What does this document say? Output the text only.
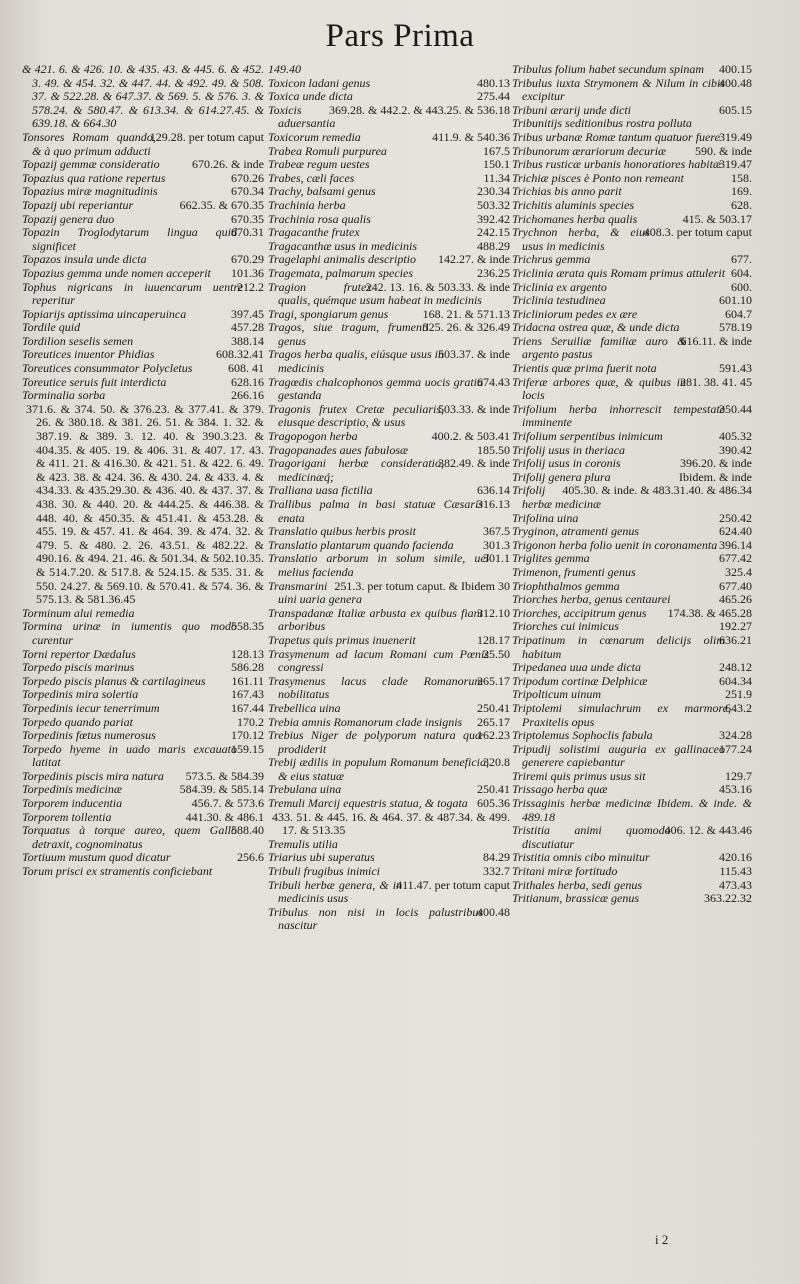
Pars Prima

& 421. 6. & 426. 10. & 435. 43. & 445. 6. & 452. 3. 49. & 454. 32. & 447. 44. & 492. 49. & 508. 37. & 522.28. & 647.37. & 569. 5. & 576. 3. & 578.24. & 580.47. & 613.34. & 614.27.45. & 639.18. & 664.30

129.28. per totum caput
Tonsores Romam quando, & à quo primum adducti

670.26. & inde
Topazij gemmæ consideratio

670.26
Topazius qua ratione repertus

670.34
Topazius miræ magnitudinis

662.35. & 670.35
Topazij ubi reperiantur

670.35
Topazij genera duo

670.31
Topazin Troglodytarum lingua quid significet

670.29
Topazos insula unde dicta

101.36
Topazius gemma unde nomen acceperit

212.2
Tophus nigricans in iuuencarum uentre reperitur

397.45
Topiarijs aptissima uincaperuinca

457.28
Tordile quid

388.14
Tordilion seselis semen

608.32.41
Toreutices inuentor Phidias

608. 41
Toreutices consummator Polycletus

628.16
Toreutice seruis fuit interdicta

266.16
Torminalia sorba

371.6. & 374. 50. & 376.23. & 377.41. & 379. 26. & 380.18. & 381. 26. 51. & 384. 1. 32. & 387.19. & 389. 3. 12. 40. & 390.3.23. & 404.35. & 405. 19. & 406. 31. & 407. 17. 43. & 411. 21. & 416.30. & 421. 51. & 422. 6. 49. & 423. 38. & 424. 36. & 430. 24. & 433. 4. & 434.33. & 435.29.30. & 436. 40. & 437. 37. & 438. 30. & 440. 20. & 444.25. & 446.38. & 448. 40. & 450.35. & 451.41. & 453.28. & 455. 19. & 457. 41. & 464. 39. & 474. 32. & 479. 5. & 480. 2. 26. 43.51. & 482.22. & 490.16. & 494. 21. 46. & 501.34. & 502.10.35. & 514.7.20. & 517.8. & 524.15. & 535. 31. & 550. 24.27. & 569.10. & 570.41. & 574. 36. & 575.13. & 581.36.45
Torminum alui remedia

558.35
Tormina urinæ in iumentis quo modo curentur

128.13
Torni repertor Dædalus

586.28
Torpedo piscis marinus

161.11
Torpedo piscis planus & cartilagineus

167.43
Torpedinis mira solertia

167.44
Torpedinis iecur tenerrimum

170.2
Torpedo quando pariat

170.12
Torpedinis fœtus numerosus

159.15
Torpedo hyeme in uado maris excauato latitat

573.5. & 584.39
Torpedinis piscis mira natura

584.39. & 585.14
Torpedinis medicinæ

456.7. & 573.6
Torporem inducentia

441.30. & 486.1
Torporem tollentia

588.40
Torquatus à torque aureo, quem Gallo detraxit, cognominatus

256.6
Tortiuum mustum quod dicatur

Torum prisci ex stramentis conficiebant

149.40

480.13
Toxicon ladani genus

275.44
Toxica unde dicta

369.28. & 442.2. & 443.25. & 536.18
Toxicis aduersantia

411.9. & 540.36
Toxicorum remedia

167.5
Trabea Romuli purpurea

150.1
Trabeæ regum uestes

11.34
Trabes, cæli faces

230.34
Trachy, balsami genus

503.32
Trachinia herba

392.42
Trachinia rosa qualis

242.15
Tragacanthe frutex

488.29
Tragacanthæ usus in medicinis

142.27. & inde
Tragelaphi animalis descriptio

236.25
Tragemata, palmarum species

242. 13. 16. & 503.33. & inde
Tragion frutex qualis, quémque usum habeat in medicinis

168. 21. & 571.13
Tragi, spongiarum genus

325. 26. & 326.49
Tragos, siue tragum, frumenti genus

503.37. & inde
Tragos herba qualis, eiúsque usus in medicinis

674.43
Tragœdis chalcophonos gemma uocis gratia gestanda

503.33. & inde
Tragonis frutex Cretæ peculiaris, eiusque descriptio, & usus

400.2. & 503.41
Tragopogon herba

185.50
Tragopanades aues fabulosæ

382.49. & inde
Tragorigani herbæ consideratio, medicinæq́;

636.14
Tralliana uasa fictilia

316.13
Trallibus palma in basi statuæ Cæsaris enata

367.5
Translatio quibus herbis prosit

301.3
Translatio plantarum quando facienda

301.1
Translatio arborum in solum simile, uel melius facienda

251.3. per totum caput. & Ibidem 30
Transmarini uini uaria genera

312.10
Transpadanæ Italiæ arbusta ex quibus fiant arboribus

128.17
Trapetus quis primus inuenerit

25.50
Trasymenum ad lacum Romani cum Pœnis congressi

265.17
Trasymenus lacus clade Romanorum nobilitatus

250.41
Trebellica uina

265.17
Trebia amnis Romanorum clade insignis

162.23
Trebius Niger de polyporum natura quæ prodiderit

320.8
Trebij ædilis in populum Romanum beneficia, & eius statuæ

250.41
Trebulana uina

605.36
Tremuli Marcij equestris statua, & togata

433. 51. & 445. 16. & 464. 37. & 487.34. & 499. 17. & 513.35
Tremulis utilia

84.29
Triarius ubi superatus

332.7
Tribuli frugibus inimici

411.47. per totum caput
Tribuli herbæ genera, & in medicinis usus

400.48
Tribulus non nisi in locis palustribus nascitur

400.15
Tribulus folium habet secundum spinam

400.48
Tribulus iuxta Strymonem & Nilum in cibis excipitur

605.15
Tribuni ærarij unde dicti

Tribunitijs seditionibus rostra polluta

319.49
Tribus urbanæ Romæ tantum quatuor fuere

590. & inde
Tribunorum ærariorum decuriæ

319.47
Tribus rusticæ urbanis honoratiores habitæ

158.
Trichiæ pisces è Ponto non remeant

169.
Trichias bis anno parit

628.
Trichitis aluminis species

415. & 503.17
Trichomanes herba qualis

408.3. per totum caput
Trychnon herba, & eius usus in medicinis

677.
Trichrus gemma

604.
Triclinia ærata quis Romam primus attulerit

600.
Triclinia ex argento

601.10
Triclinia testudinea

604.7
Tricliniorum pedes ex ære

578.19
Tridacna ostrea quæ, & unde dicta

616.11. & inde
Triens Seruiliæ familiæ auro & argento pastus

591.43
Trientis quæ prima fuerit nota

281. 38. 41. 45
Triferæ arbores quæ, & quibus in locis

350.44
Trifolium herba inhorrescit tempestate imminente

405.32
Trifolium serpentibus inimicum

390.42
Trifolij usus in theriaca

396.20. & inde
Trifolij usus in coronis

Ibidem. & inde
Trifolij genera plura

405.30. & inde. & 483.31.40. & 486.34
Trifolij herbæ medicinæ

250.42
Trifolina uina

624.40
Tryginon, atramenti genus

396.14
Trigonon herba folio uenit in coronamenta

677.42
Triglites gemma

325.4
Trimenon, frumenti genus

677.40
Triophthalmos gemma

465.26
Triorches herba, genus centaurei

174.38. & 465.28
Triorches, accipitrum genus

192.27
Triorches cui inimicus

636.21
Tripatinum in cœnarum delicijs olim habitum

248.12
Tripedanea uua unde dicta

604.34
Tripodum cortinæ Delphicæ

251.9
Tripolticum uinum

643.2
Triptolemi simulachrum ex marmore, Praxitelis opus

324.28
Triptolemus Sophoclis fabula

177.24
Tripudij solistimi auguria ex gallinaceo generere capiebantur

129.7
Triremi quis primus usus sit

453.16
Trissago herba quæ

Trissaginis herbæ medicinæ Ibidem. & inde. & 489.18

406. 12. & 443.46
Tristitia animi quomodo discutiatur

420.16
Tristitia omnis cibo minuitur

115.43
Tritani miræ fortitudo

473.43
Trithales herba, sedi genus

363.22.32
Tritianum, brassicæ genus

i 2
